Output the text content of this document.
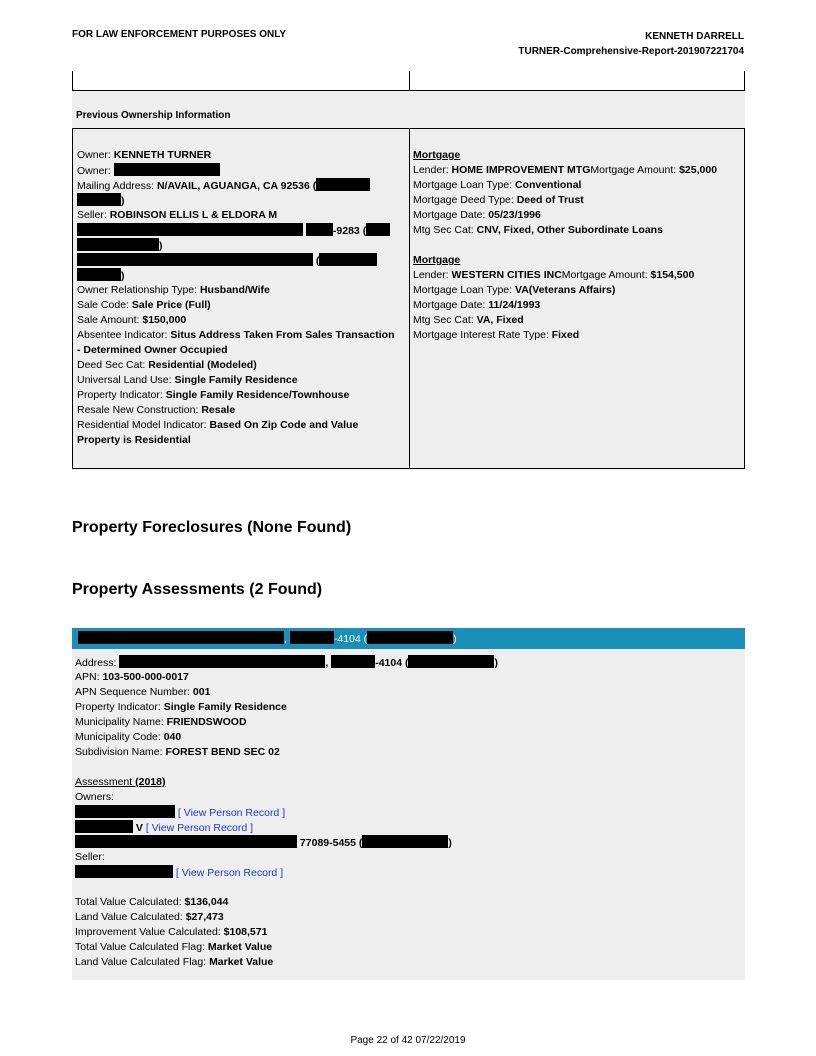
FOR LAW ENFORCEMENT PURPOSES ONLY	KENNETH DARRELL
TURNER-Comprehensive-Report-201907221704
Previous Ownership Information
Owner: KENNETH TURNER
Owner:
Mailing Address: N/AVAIL, AGUANGA, CA 92536 (
)
Seller: ROBINSON ELLIS L & ELDORA M
-9283 (
)
(
)
Owner Relationship Type: Husband/Wife
Sale Code: Sale Price (Full)
Sale Amount: $150,000
Absentee Indicator: Situs Address Taken From Sales Transaction
- Determined Owner Occupied
Deed Sec Cat: Residential (Modeled)
Universal Land Use: Single Family Residence
Property Indicator: Single Family Residence/Townhouse
Resale New Construction: Resale
Residential Model Indicator: Based On Zip Code and Value
Property is Residential
Mortgage
Lender: HOME IMPROVEMENT MTGMortgage Amount: $25,000
Mortgage Loan Type: Conventional
Mortgage Deed Type: Deed of Trust
Mortgage Date: 05/23/1996
Mtg Sec Cat: CNV, Fixed, Other Subordinate Loans
Mortgage
Lender: WESTERN CITIES INCMortgage Amount: $154,500
Mortgage Loan Type: VA(Veterans Affairs)
Mortgage Date: 11/24/1993
Mtg Sec Cat: VA, Fixed
Mortgage Interest Rate Type: Fixed
Property Foreclosures (None Found)
Property Assessments (2 Found)
,	-4104 (	)
Address:	,	-4104 (	)
APN: 103-500-000-0017
APN Sequence Number: 001
Property Indicator: Single Family Residence
Municipality Name: FRIENDSWOOD
Municipality Code: 040
Subdivision Name: FOREST BEND SEC 02
Assessment (2018)
Owners:
[ View Person Record ]
V [ View Person Record ]
77089-5455 (	)
Seller:
[ View Person Record ]
Total Value Calculated: $136,044
Land Value Calculated: $27,473
Improvement Value Calculated: $108,571
Total Value Calculated Flag: Market Value
Land Value Calculated Flag: Market Value
Page 22 of 42 07/22/2019
